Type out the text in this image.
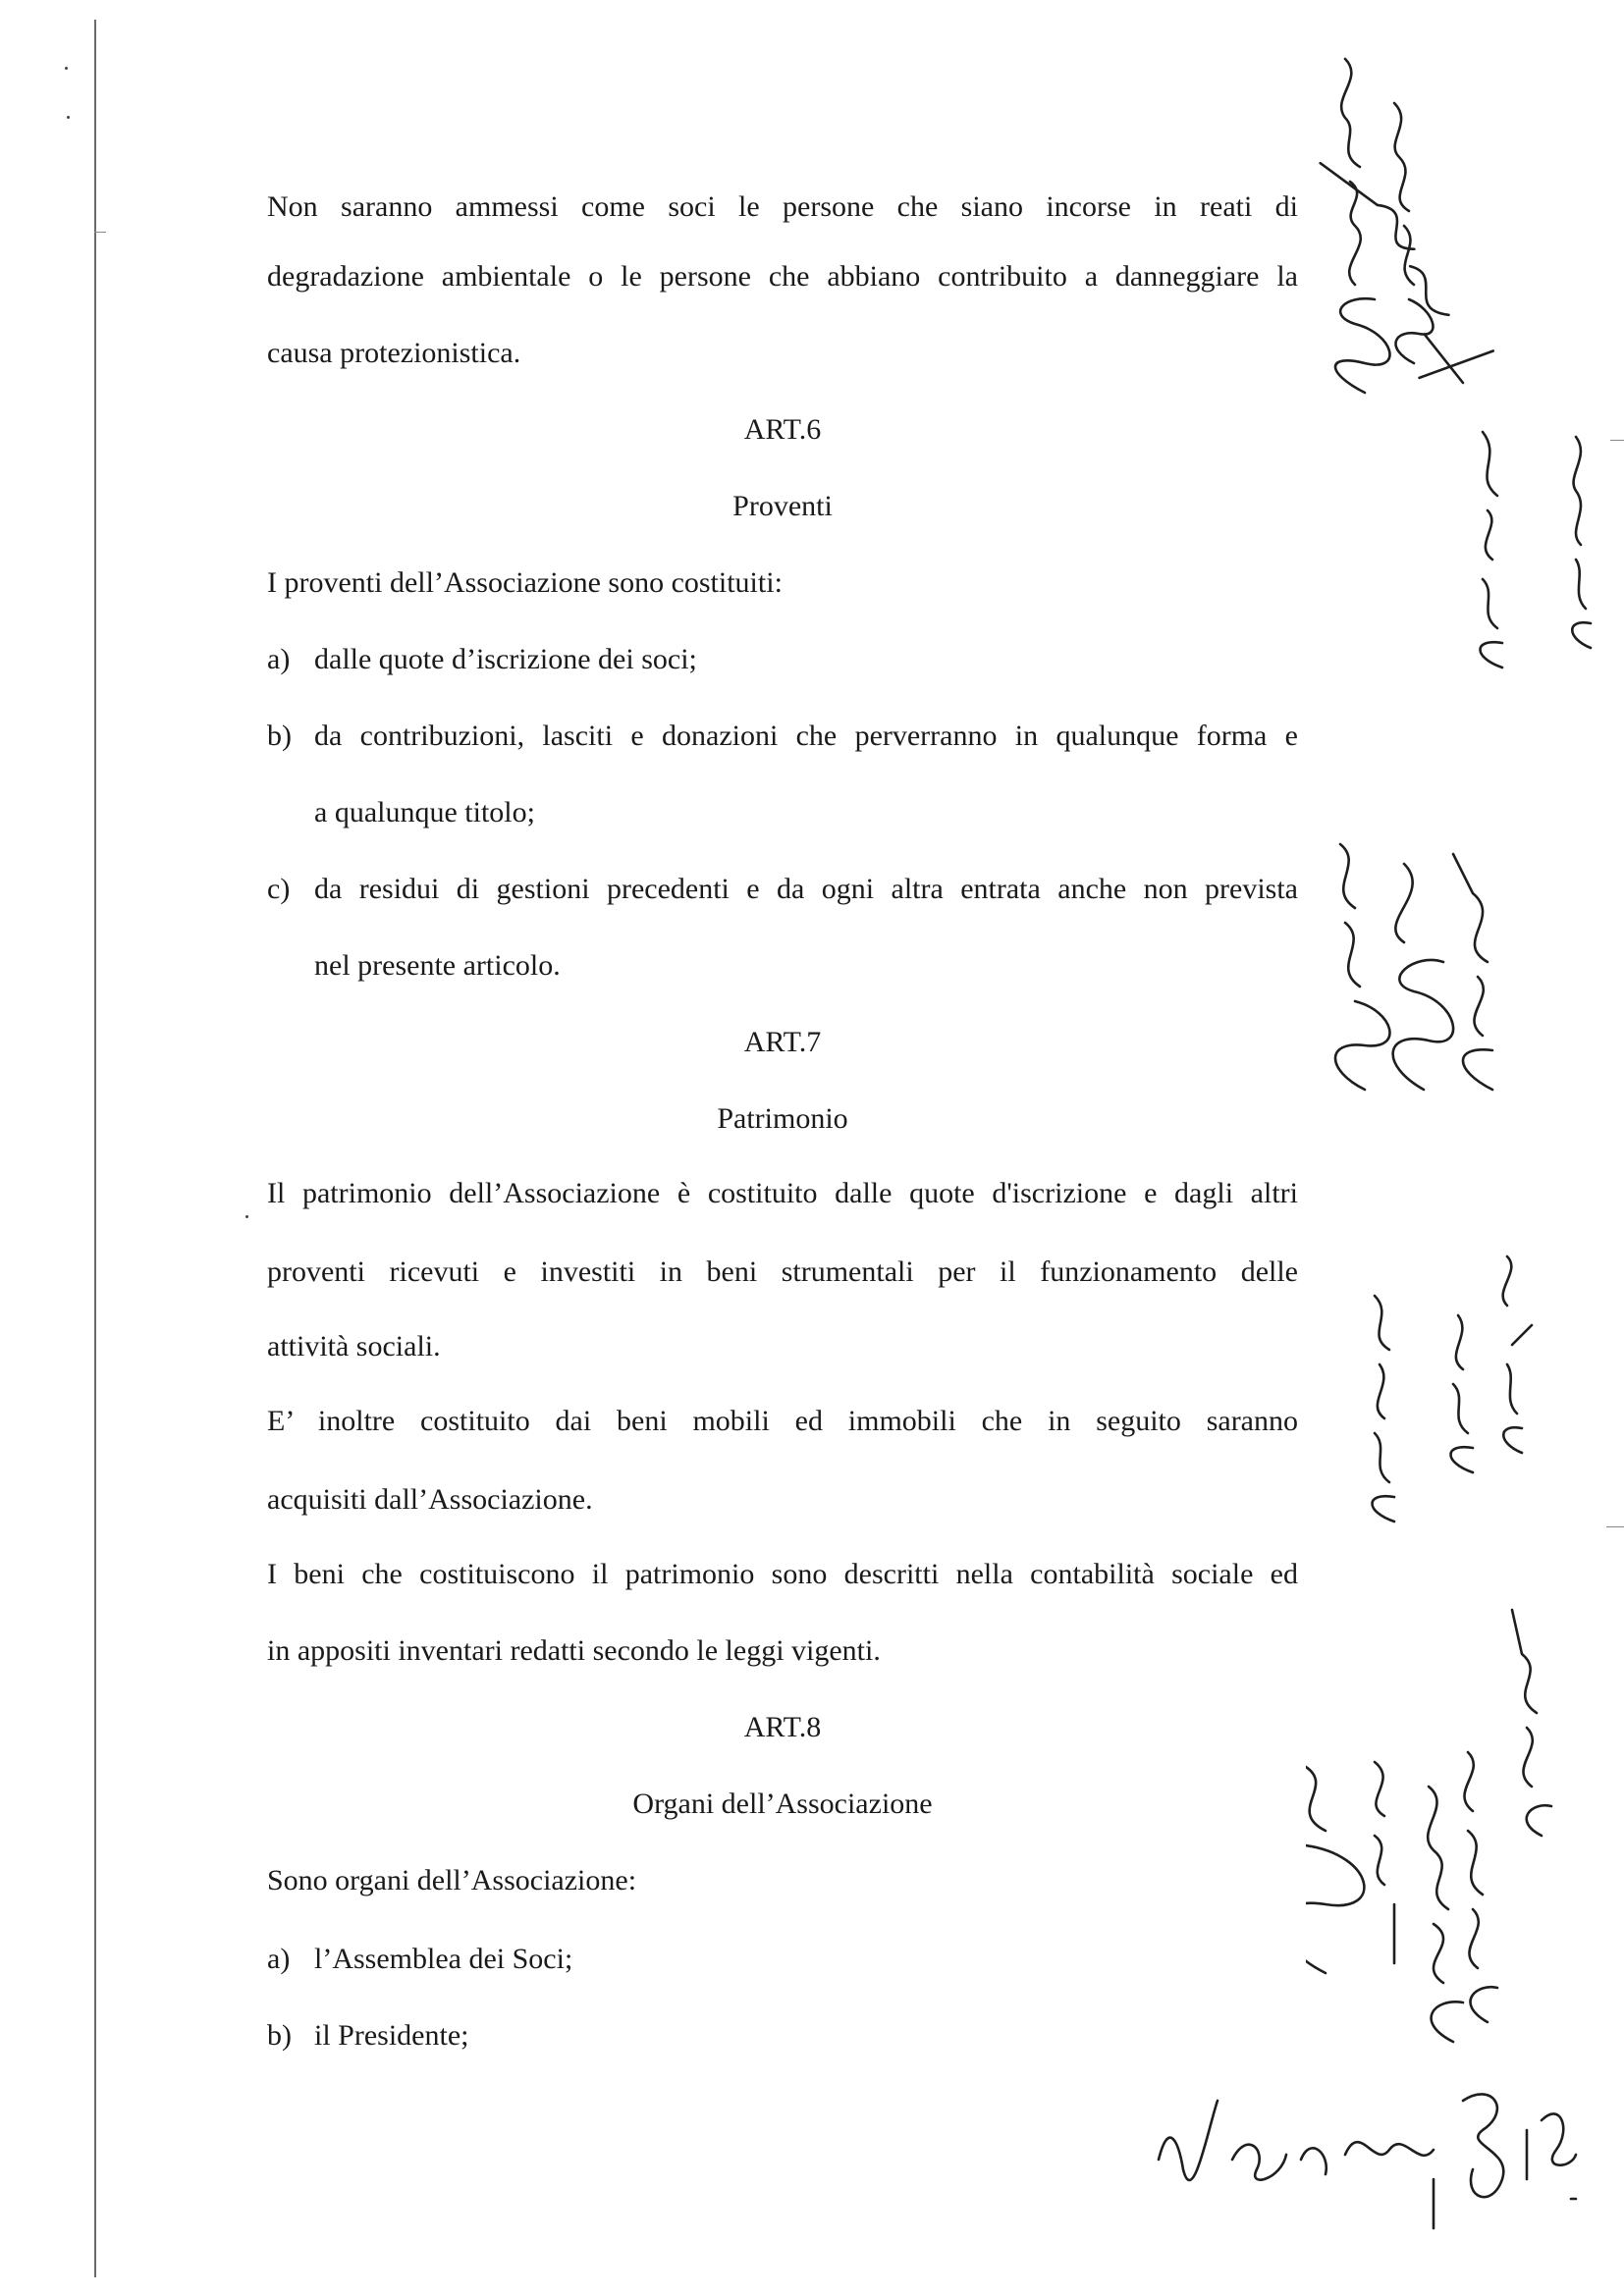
Non saranno ammessi come soci le persone che siano incorse in reati di
degradazione ambientale o le persone che abbiano contribuito a danneggiare la
causa protezionistica.
ART.6
Proventi
I proventi dell’Associazione sono costituiti:
a) dalle quote d’iscrizione dei soci;
b) da contribuzioni, lasciti e donazioni che perverranno in qualunque forma e
a qualunque titolo;
c) da residui di gestioni precedenti e da ogni altra entrata anche non prevista
nel presente articolo.
ART.7
Patrimonio
Il patrimonio dell’Associazione è costituito dalle quote d'iscrizione e dagli altri
proventi ricevuti e investiti in beni strumentali per il funzionamento delle
attività sociali.
E’ inoltre costituito dai beni mobili ed immobili che in seguito saranno
acquisiti dall’Associazione.
I beni che costituiscono il patrimonio sono descritti nella contabilità sociale ed
in appositi inventari redatti secondo le leggi vigenti.
ART.8
Organi dell’Associazione
Sono organi dell’Associazione:
a) l’Assemblea dei Soci;
b) il Presidente;
